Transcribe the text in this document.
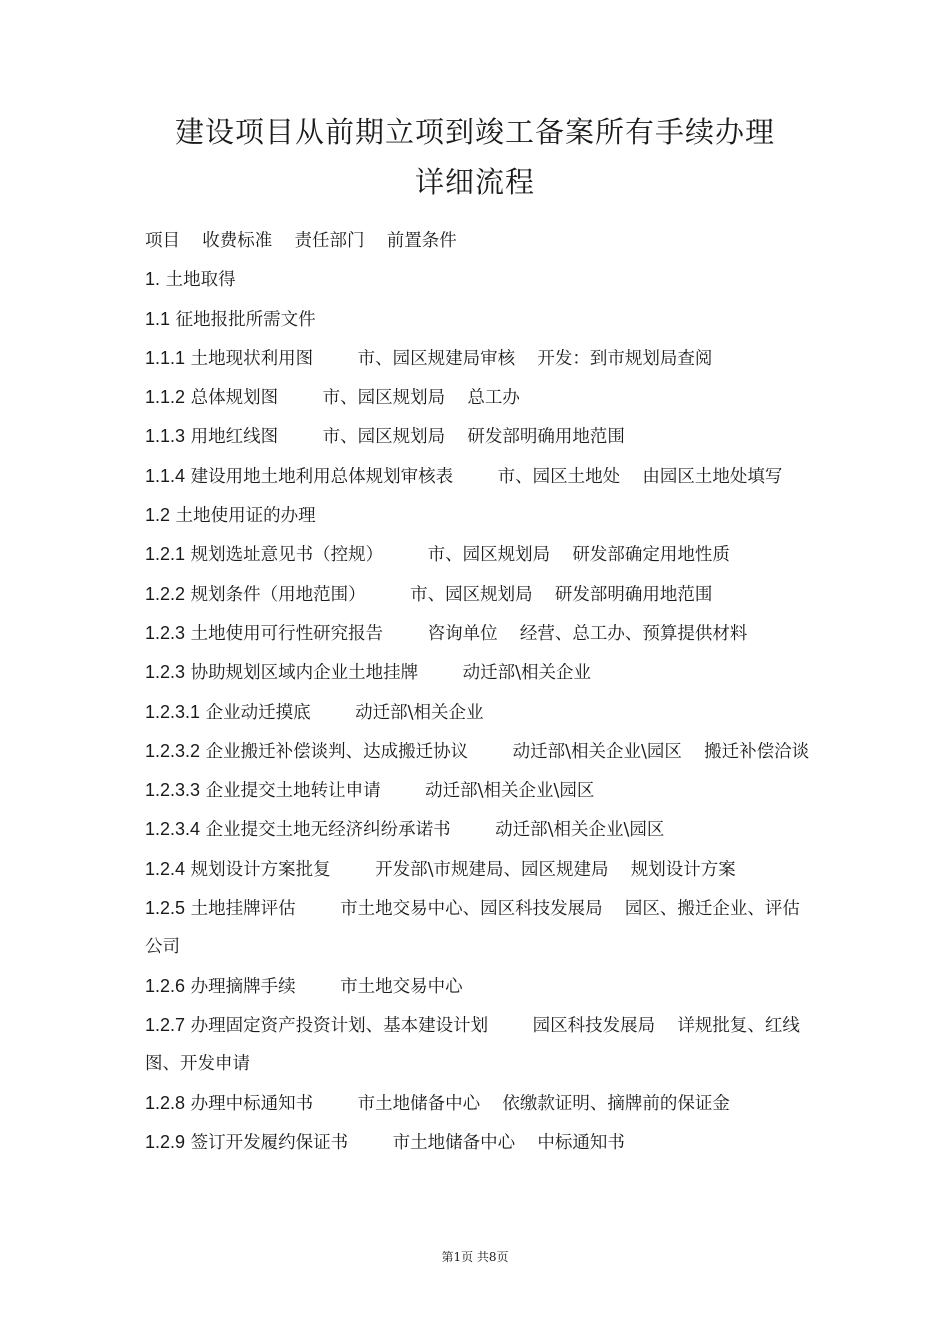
建设项目从前期立项到竣工备案所有手续办理
详细流程
项目    收费标准    责任部门    前置条件
1. 土地取得
1.1 征地报批所需文件
1.1.1 土地现状利用图        市、园区规建局审核    开发：到市规划局查阅
1.1.2 总体规划图        市、园区规划局    总工办
1.1.3 用地红线图        市、园区规划局    研发部明确用地范围
1.1.4 建设用地土地利用总体规划审核表        市、园区土地处    由园区土地处填写
1.2 土地使用证的办理
1.2.1 规划选址意见书（控规）        市、园区规划局    研发部确定用地性质
1.2.2 规划条件（用地范围）        市、园区规划局    研发部明确用地范围
1.2.3 土地使用可行性研究报告        咨询单位    经营、总工办、预算提供材料
1.2.3 协助规划区域内企业土地挂牌        动迁部\相关企业
1.2.3.1 企业动迁摸底        动迁部\相关企业
1.2.3.2 企业搬迁补偿谈判、达成搬迁协议        动迁部\相关企业\园区    搬迁补偿洽谈
1.2.3.3 企业提交土地转让申请        动迁部\相关企业\园区
1.2.3.4 企业提交土地无经济纠纷承诺书        动迁部\相关企业\园区
1.2.4 规划设计方案批复        开发部\市规建局、园区规建局    规划设计方案
1.2.5 土地挂牌评估        市土地交易中心、园区科技发展局    园区、搬迁企业、评估公司
1.2.6 办理摘牌手续        市土地交易中心
1.2.7 办理固定资产投资计划、基本建设计划        园区科技发展局    详规批复、红线图、开发申请
1.2.8 办理中标通知书        市土地储备中心    依缴款证明、摘牌前的保证金
1.2.9 签订开发履约保证书        市土地储备中心    中标通知书
第1页 共8页
